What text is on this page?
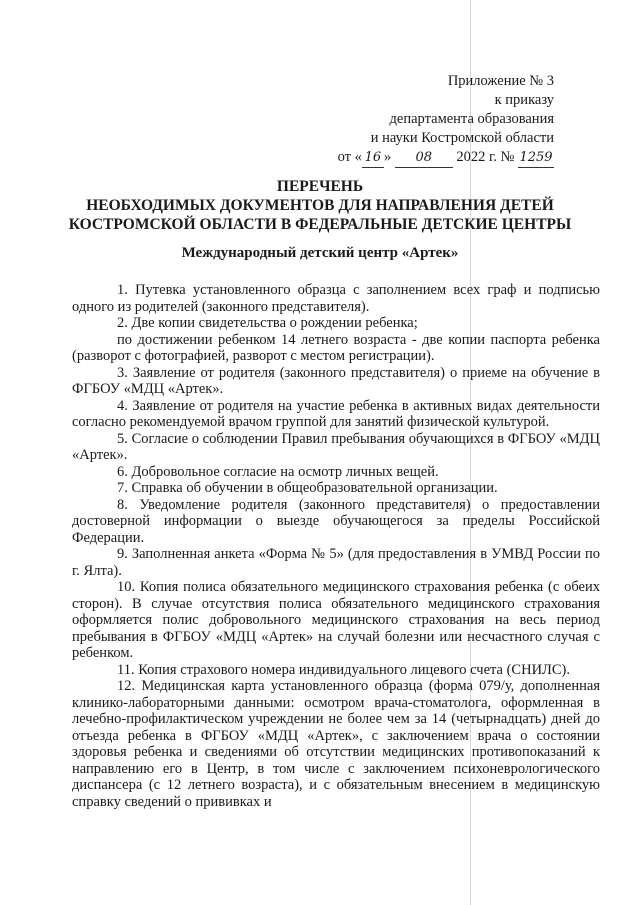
Приложение № 3
к приказу
департамента образования
и науки Костромской области
от « 16 » 08 2022 г. № 1259
ПЕРЕЧЕНЬ
НЕОБХОДИМЫХ ДОКУМЕНТОВ ДЛЯ НАПРАВЛЕНИЯ ДЕТЕЙ
КОСТРОМСКОЙ ОБЛАСТИ В ФЕДЕРАЛЬНЫЕ ДЕТСКИЕ ЦЕНТРЫ
Международный детский центр «Артек»

1. Путевка установленного образца с заполнением всех граф и подписью одного из родителей (законного представителя).

2. Две копии свидетельства о рождении ребенка;

по достижении ребенком 14 летнего возраста - две копии паспорта ребенка (разворот с фотографией, разворот с местом регистрации).

3. Заявление от родителя (законного представителя) о приеме на обучение в ФГБОУ «МДЦ «Артек».

4. Заявление от родителя на участие ребенка в активных видах деятельности согласно рекомендуемой врачом группой для занятий физической культурой.

5. Согласие о соблюдении Правил пребывания обучающихся в ФГБОУ «МДЦ «Артек».

6. Добровольное согласие на осмотр личных вещей.

7. Справка об обучении в общеобразовательной организации.

8. Уведомление родителя (законного представителя) о предоставлении достоверной информации о выезде обучающегося за пределы Российской Федерации.

9. Заполненная анкета «Форма № 5» (для предоставления в УМВД России по г. Ялта).

10. Копия полиса обязательного медицинского страхования ребенка (с обеих сторон). В случае отсутствия полиса обязательного медицинского страхования оформляется полис добровольного медицинского страхования на весь период пребывания в ФГБОУ «МДЦ «Артек» на случай болезни или несчастного случая с ребенком.

11. Копия страхового номера индивидуального лицевого счета (СНИЛС).

12. Медицинская карта установленного образца (форма 079/у, дополненная клинико-лабораторными данными: осмотром врача-стоматолога, оформленная в лечебно-профилактическом учреждении не более чем за 14 (четырнадцать) дней до отъезда ребенка в ФГБОУ «МДЦ «Артек», с заключением врача о состоянии здоровья ребенка и сведениями об отсутствии медицинских противопоказаний к направлению его в Центр, в том числе с заключением психоневрологического диспансера (с 12 летнего возраста), и с обязательным внесением в медицинскую справку сведений о прививках и
